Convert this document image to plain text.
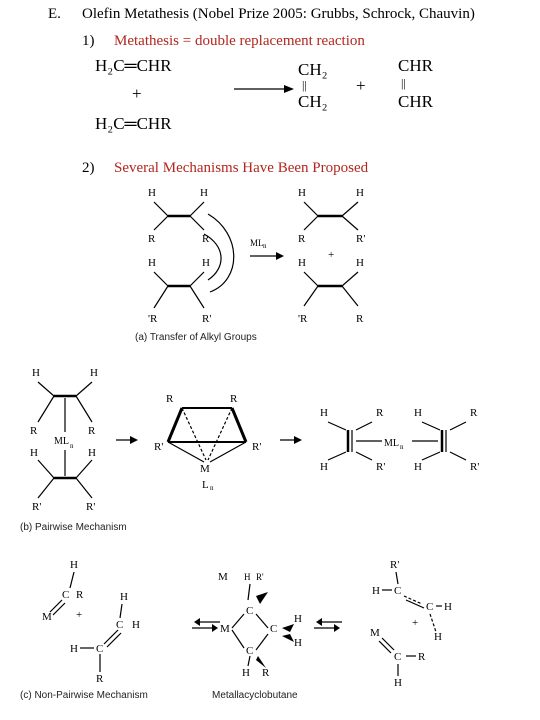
E. Olefin Metathesis (Nobel Prize 2005: Grubbs, Schrock, Chauvin)
1) Metathesis = double replacement reaction
H₂C═CHR
+
H₂C═CHR
CH₂
||
CH₂
+
CHR
||
CHR
2) Several Mechanisms Have Been Proposed
H	H
R	R
H	H
'R	R'
ML n
H	H
R	R'
H	H
+
'R	R
(a) Transfer of Alkyl Groups
H	H
R	R
H	H
ML n
R'	R'
R	R
R'	R'
M
L n
H	R	H	R
H	R'	H	R'
ML n
(b) Pairwise Mechanism
H
C R
M +
H
C H
H C
R
M H R'
M
C
C
C
H
H
H R
R'
H C
C H
+
M
C R
H
H
(c) Non-Pairwise Mechanism	Metallacyclobutane
